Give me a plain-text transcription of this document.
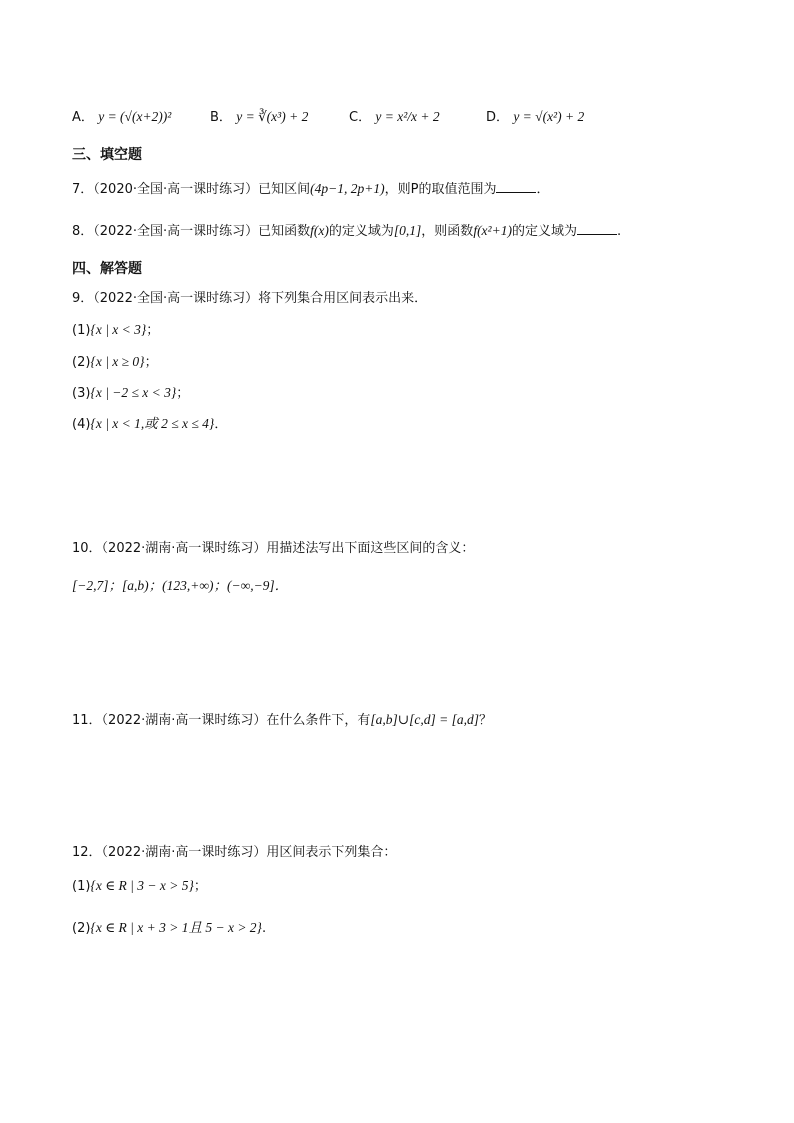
A． y = (√(x+2))²	B． y = ∛(x³) + 2	C． y = x²/x + 2	D． y = √(x²) + 2
三、填空题
7．（2020·全国·高一课时练习）已知区间(4p−1, 2p+1)，则P的取值范围为	．
8．（2022·全国·高一课时练习）已知函数f(x)的定义域为[0,1]，则函数f(x²+1)的定义域为	.
四、解答题
9．（2022·全国·高一课时练习）将下列集合用区间表示出来．
(1){x | x < 3}；
(2){x | x ≥ 0}；
(3){x | −2 ≤ x < 3}；
(4){x | x < 1,或 2 ≤ x ≤ 4}．
10．（2022·湖南·高一课时练习）用描述法写出下面这些区间的含义：
[−2,7]；[a,b)；(123,+∞)；(−∞,−9]．
11．（2022·湖南·高一课时练习）在什么条件下，有[a,b]∪[c,d] = [a,d]？
12．（2022·湖南·高一课时练习）用区间表示下列集合：
(1){x ∈ R | 3 − x > 5}；
(2){x ∈ R | x + 3 > 1且 5 − x > 2}.
